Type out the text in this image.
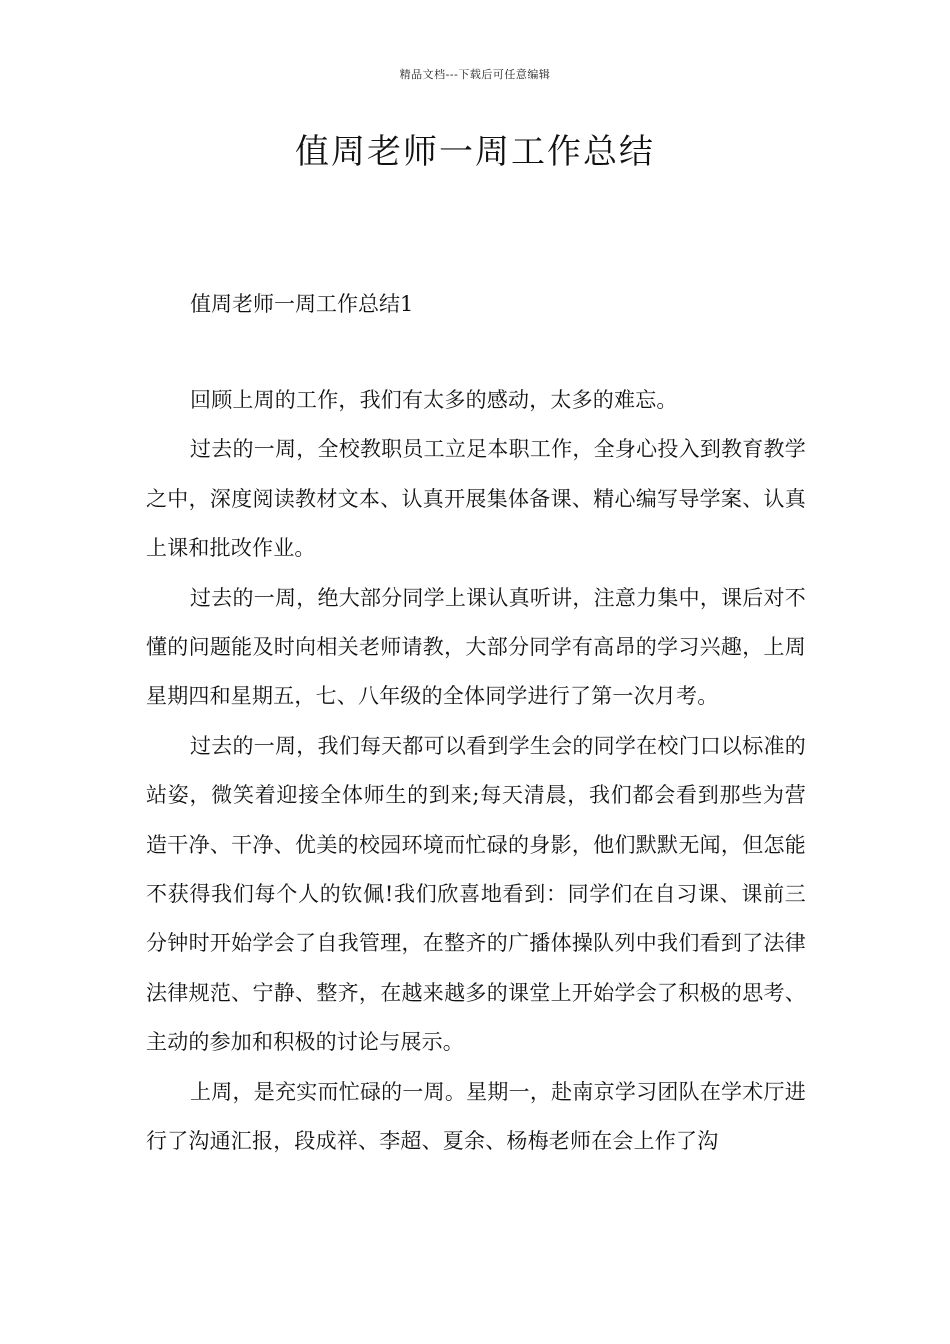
精品文档---下载后可任意编辑
值周老师一周工作总结

值周老师一周工作总结1

回顾上周的工作，我们有太多的感动，太多的难忘。

过去的一周，全校教职员工立足本职工作，全身心投入到教育教学之中，深度阅读教材文本、认真开展集体备课、精心编写导学案、认真上课和批改作业。

过去的一周，绝大部分同学上课认真听讲，注意力集中，课后对不懂的问题能及时向相关老师请教，大部分同学有高昂的学习兴趣，上周星期四和星期五，七、八年级的全体同学进行了第一次月考。

过去的一周，我们每天都可以看到学生会的同学在校门口以标准的站姿，微笑着迎接全体师生的到来;每天清晨，我们都会看到那些为营造干净、干净、优美的校园环境而忙碌的身影，他们默默无闻，但怎能不获得我们每个人的钦佩!我们欣喜地看到：同学们在自习课、课前三分钟时开始学会了自我管理，在整齐的广播体操队列中我们看到了法律法律规范、宁静、整齐，在越来越多的课堂上开始学会了积极的思考、主动的参加和积极的讨论与展示。

上周，是充实而忙碌的一周。星期一，赴南京学习团队在学术厅进行了沟通汇报，段成祥、李超、夏余、杨梅老师在会上作了沟
